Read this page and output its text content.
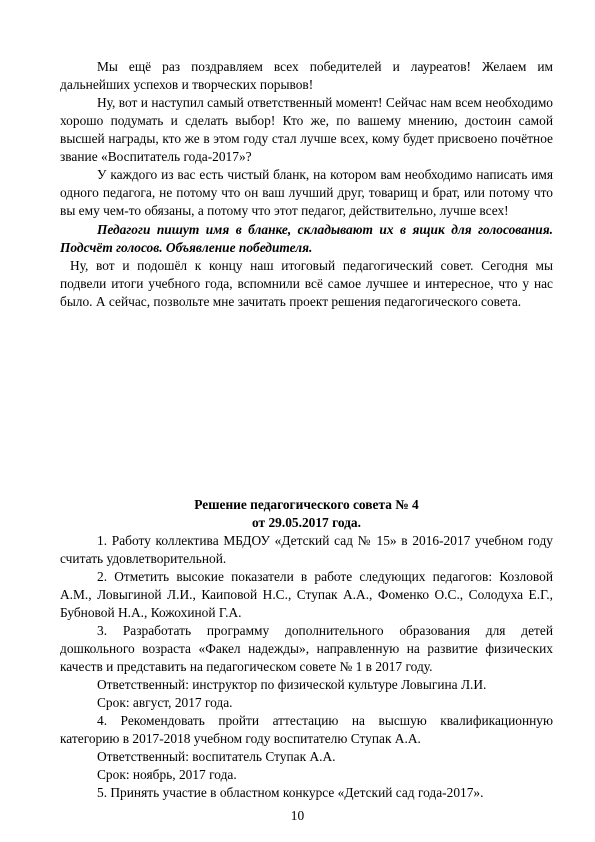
Мы ещё раз поздравляем всех победителей и лауреатов! Желаем им дальнейших успехов и творческих порывов!

Ну, вот и наступил самый ответственный момент! Сейчас нам всем необходимо хорошо подумать и сделать выбор! Кто же, по вашему мнению, достоин самой высшей награды, кто же в этом году стал лучше всех, кому будет присвоено почётное звание «Воспитатель года-2017»?

У каждого из вас есть чистый бланк, на котором вам необходимо написать имя одного педагога, не потому что он ваш лучший друг, товарищ и брат, или потому что вы ему чем-то обязаны, а потому что этот педагог, действительно, лучше всех!

Педагоги пишут имя в бланке, складывают их в ящик для голосования. Подсчёт голосов. Объявление победителя.

Ну, вот и подошёл к концу наш итоговый педагогический совет. Сегодня мы подвели итоги учебного года, вспомнили всё самое лучшее и интересное, что у нас было. А сейчас, позвольте мне зачитать проект решения педагогического совета.

Решение педагогического совета № 4

от 29.05.2017 года.

1. Работу коллектива МБДОУ «Детский сад № 15» в 2016-2017 учебном году считать удовлетворительной.

2. Отметить высокие показатели в работе следующих педагогов: Козловой А.М., Ловыгиной Л.И., Каиповой Н.С., Ступак А.А., Фоменко О.С., Солодуха Е.Г., Бубновой Н.А., Кожохиной Г.А.

3. Разработать программу дополнительного образования для детей дошкольного возраста «Факел надежды», направленную на развитие физических качеств и представить на педагогическом совете № 1 в 2017 году.

Ответственный: инструктор по физической культуре Ловыгина Л.И.

Срок: август, 2017 года.

4. Рекомендовать пройти аттестацию на высшую квалификационную категорию в 2017-2018 учебном году воспитателю Ступак А.А.

Ответственный: воспитатель Ступак А.А.

Срок: ноябрь, 2017 года.

5. Принять участие в областном конкурсе «Детский сад года-2017».

10
